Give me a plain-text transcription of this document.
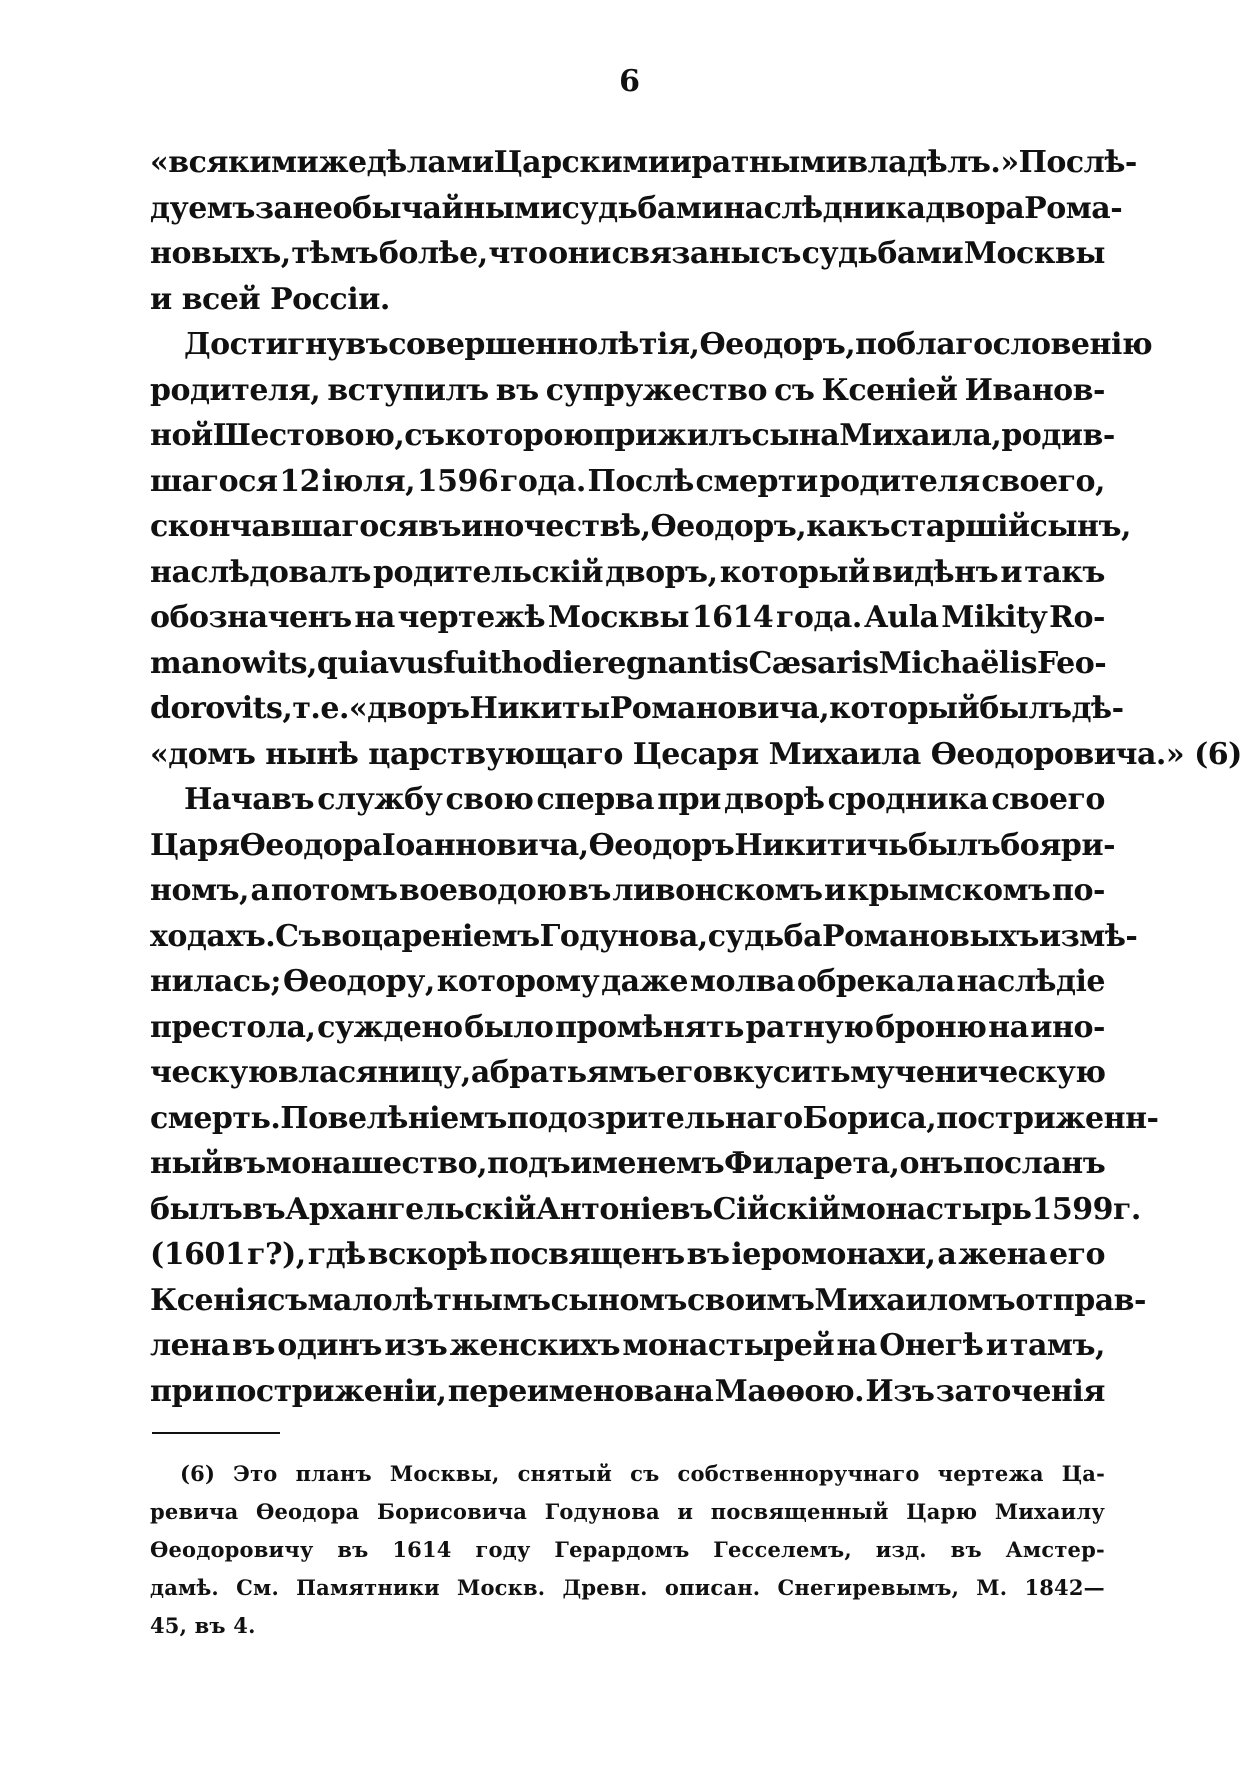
6
«всякими же дѣлами Царскими и ратными владѣлъ.» Послѣ-
дуемъ за необычайными судьбами наслѣдника двора Рома-
новыхъ, тѣмъ болѣе, что они связаны съ судьбами Москвы
и всей Россіи.
Достигнувъ совершеннолѣтія, Ѳеодоръ, по благословенію
родителя, вступилъ въ супружество съ Ксеніей Иванов-
ной Шестовою, съ которою прижилъ сына Михаила, родив-
шагося 12 іюля, 1596 года. Послѣ смерти родителя своего,
скончавшагося въ иночествѣ, Ѳеодоръ, какъ старшій сынъ,
наслѣдовалъ родительскій дворъ, который видѣнъ и такъ
обозначенъ на чертежѣ Москвы 1614 года. Aula Mikity Ro-
manowits, qui avus fuit hodie regnantis Cæsaris Michaëlis Feo-
dorovits, т. е. «дворъ Никиты Романовича, который былъ дѣ-
«домъ нынѣ царствующаго Цесаря Михаила Ѳеодоровича.» (6)
Начавъ службу свою сперва при дворѣ сродника своего
Царя Ѳеодора Іоанновича, Ѳеодоръ Никитичь былъ бояри-
номъ, а потомъ воеводою въ ливонскомъ и крымскомъ по-
ходахъ. Съ воцареніемъ Годунова, судьба Романовыхъ измѣ-
нилась; Ѳеодору, которому даже молва обрекала наслѣдіе
престола, суждено было промѣнять ратную броню на ино-
ческую власяницу, а братьямъ его вкусить мученическую
смерть. Повелѣніемъ подозрительнаго Бориса, постриженн-
ный въ монашество, подъ именемъ Филарета, онъ посланъ
былъ въ Архангельскій Антоніевъ Сійскій монастырь 1599 г.
(1601 г?), гдѣ вскорѣ посвященъ въ іеромонахи, а жена его
Ксенія съ малолѣтнымъ сыномъ своимъ Михаиломъ отправ-
лена въ одинъ изъ женскихъ монастырей на Онегѣ и тамъ,
при постриженіи, переименована Маѳѳою. Изъ заточенія
(6) Это планъ Москвы, снятый съ собственноручнаго чертежа Ца-
ревича Ѳеодора Борисовича Годунова и посвященный Царю Михаилу
Ѳеодоровичу въ 1614 году Герардомъ Гесселемъ, изд. въ Амстер-
дамѣ. См. Памятники Москв. Древн. описан. Снегиревымъ, М. 1842—
45, въ 4.
